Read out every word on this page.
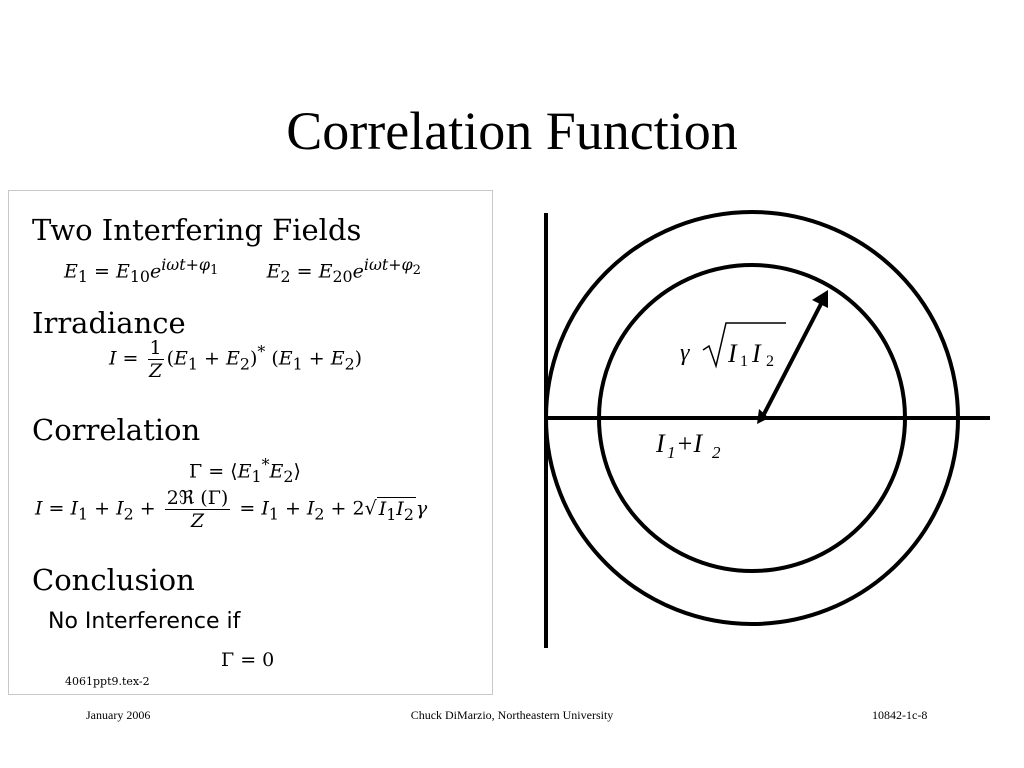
Correlation Function
Two Interfering Fields
$E_1 = E_{10}e^{i\omega t+\varphi_1}$	$E_2 = E_{20}e^{i\omega t+\varphi_2}$
Irradiance
$I = \frac{1}{Z} (E_1 + E_2)^*$ $(E_1 + E_2)$
Correlation
$\Gamma = ⟨E_1^*E_2⟩$
$I = I_1 + I_2 + \frac{\text{2ℜ (Γ)}}{Z} = I_1 + I_2 + 2√$ $I_1I_2$ γ
Conclusion
No Interference if
Γ = 0
4061ppt9.tex-2
γ I 1 I 2
I 1 +I 2
January 2006	Chuck DiMarzio, Northeastern University	10842-1c-8
